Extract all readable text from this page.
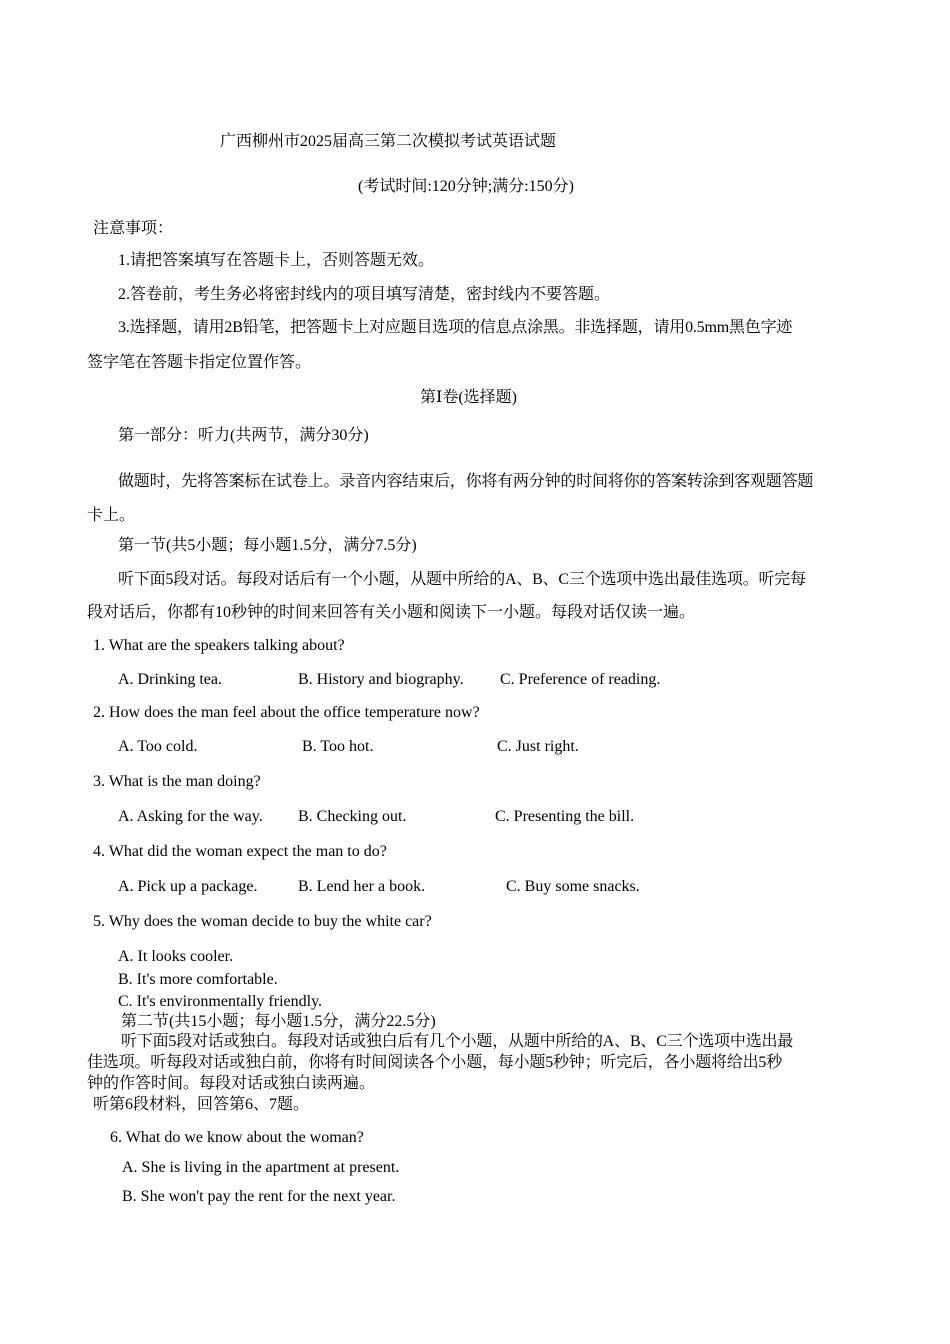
广西柳州市2025届高三第二次模拟考试英语试题

(考试时间:120分钟;满分:150分)

注意事项：

1.请把答案填写在答题卡上，否则答题无效。

2.答卷前，考生务必将密封线内的项目填写清楚，密封线内不要答题。

3.选择题，请用2B铅笔，把答题卡上对应题目选项的信息点涂黑。非选择题，请用0.5mm黑色字迹

签字笔在答题卡指定位置作答。

第Ⅰ卷(选择题)

第一部分：听力(共两节，满分30分)

做题时，先将答案标在试卷上。录音内容结束后，你将有两分钟的时间将你的答案转涂到客观题答题

卡上。

第一节(共5小题；每小题1.5分，满分7.5分)

听下面5段对话。每段对话后有一个小题，从题中所给的A、B、C三个选项中选出最佳选项。听完每

段对话后，你都有10秒钟的时间来回答有关小题和阅读下一小题。每段对话仅读一遍。

1. What are the speakers talking about?

A. Drinking tea.	B. History and biography. C. Preference of reading.

2. How does the man feel about the office temperature now?

A. Too cold.	B. Too hot.	C. Just right.

3. What is the man doing?

A. Asking for the way. B. Checking out.	C. Presenting the bill.

4. What did the woman expect the man to do?

A. Pick up a package.	B. Lend her a book.	C. Buy some snacks.

5. Why does the woman decide to buy the white car?

A. It looks cooler.
B. It's more comfortable.
C. It's environmentally friendly.

第二节(共15小题；每小题1.5分，满分22.5分)

听下面5段对话或独白。每段对话或独白后有几个小题，从题中所给的A、B、C三个选项中选出最

佳选项。听每段对话或独白前，你将有时间阅读各个小题，每小题5秒钟；听完后，各小题将给出5秒

钟的作答时间。每段对话或独白读两遍。

听第6段材料，回答第6、7题。

6. What do we know about the woman?

A. She is living in the apartment at present.
B. She won't pay the rent for the next year.
